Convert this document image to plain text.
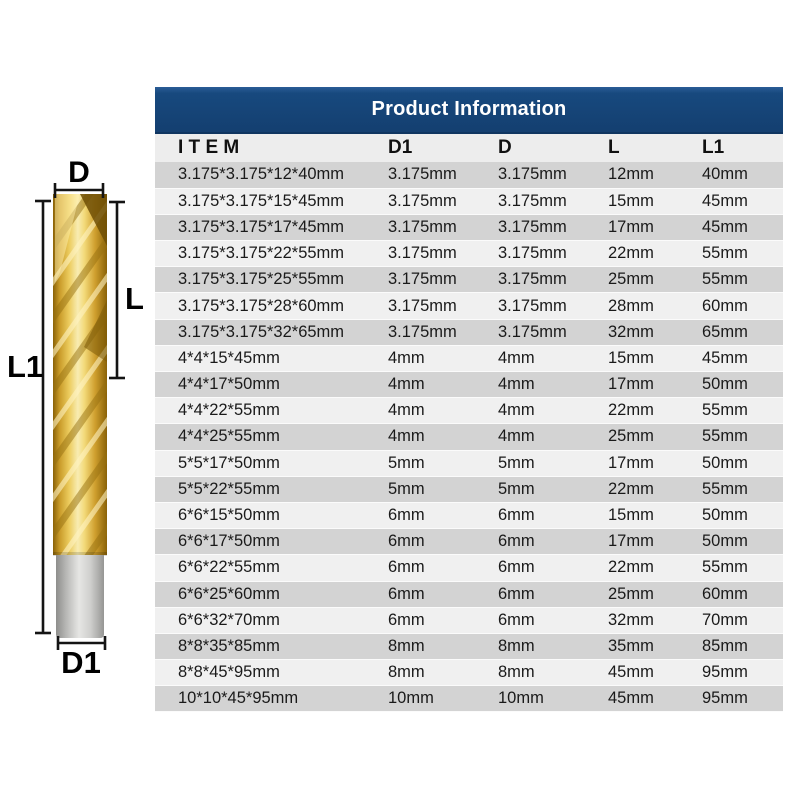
D
L
L1
D1
Product Information
I T E M	D1	D	L	L1
3.175*3.175*12*40mm	3.175mm	3.175mm	12mm	40mm
3.175*3.175*15*45mm	3.175mm	3.175mm	15mm	45mm
3.175*3.175*17*45mm	3.175mm	3.175mm	17mm	45mm
3.175*3.175*22*55mm	3.175mm	3.175mm	22mm	55mm
3.175*3.175*25*55mm	3.175mm	3.175mm	25mm	55mm
3.175*3.175*28*60mm	3.175mm	3.175mm	28mm	60mm
3.175*3.175*32*65mm	3.175mm	3.175mm	32mm	65mm
4*4*15*45mm	4mm	4mm	15mm	45mm
4*4*17*50mm	4mm	4mm	17mm	50mm
4*4*22*55mm	4mm	4mm	22mm	55mm
4*4*25*55mm	4mm	4mm	25mm	55mm
5*5*17*50mm	5mm	5mm	17mm	50mm
5*5*22*55mm	5mm	5mm	22mm	55mm
6*6*15*50mm	6mm	6mm	15mm	50mm
6*6*17*50mm	6mm	6mm	17mm	50mm
6*6*22*55mm	6mm	6mm	22mm	55mm
6*6*25*60mm	6mm	6mm	25mm	60mm
6*6*32*70mm	6mm	6mm	32mm	70mm
8*8*35*85mm	8mm	8mm	35mm	85mm
8*8*45*95mm	8mm	8mm	45mm	95mm
10*10*45*95mm	10mm	10mm	45mm	95mm
